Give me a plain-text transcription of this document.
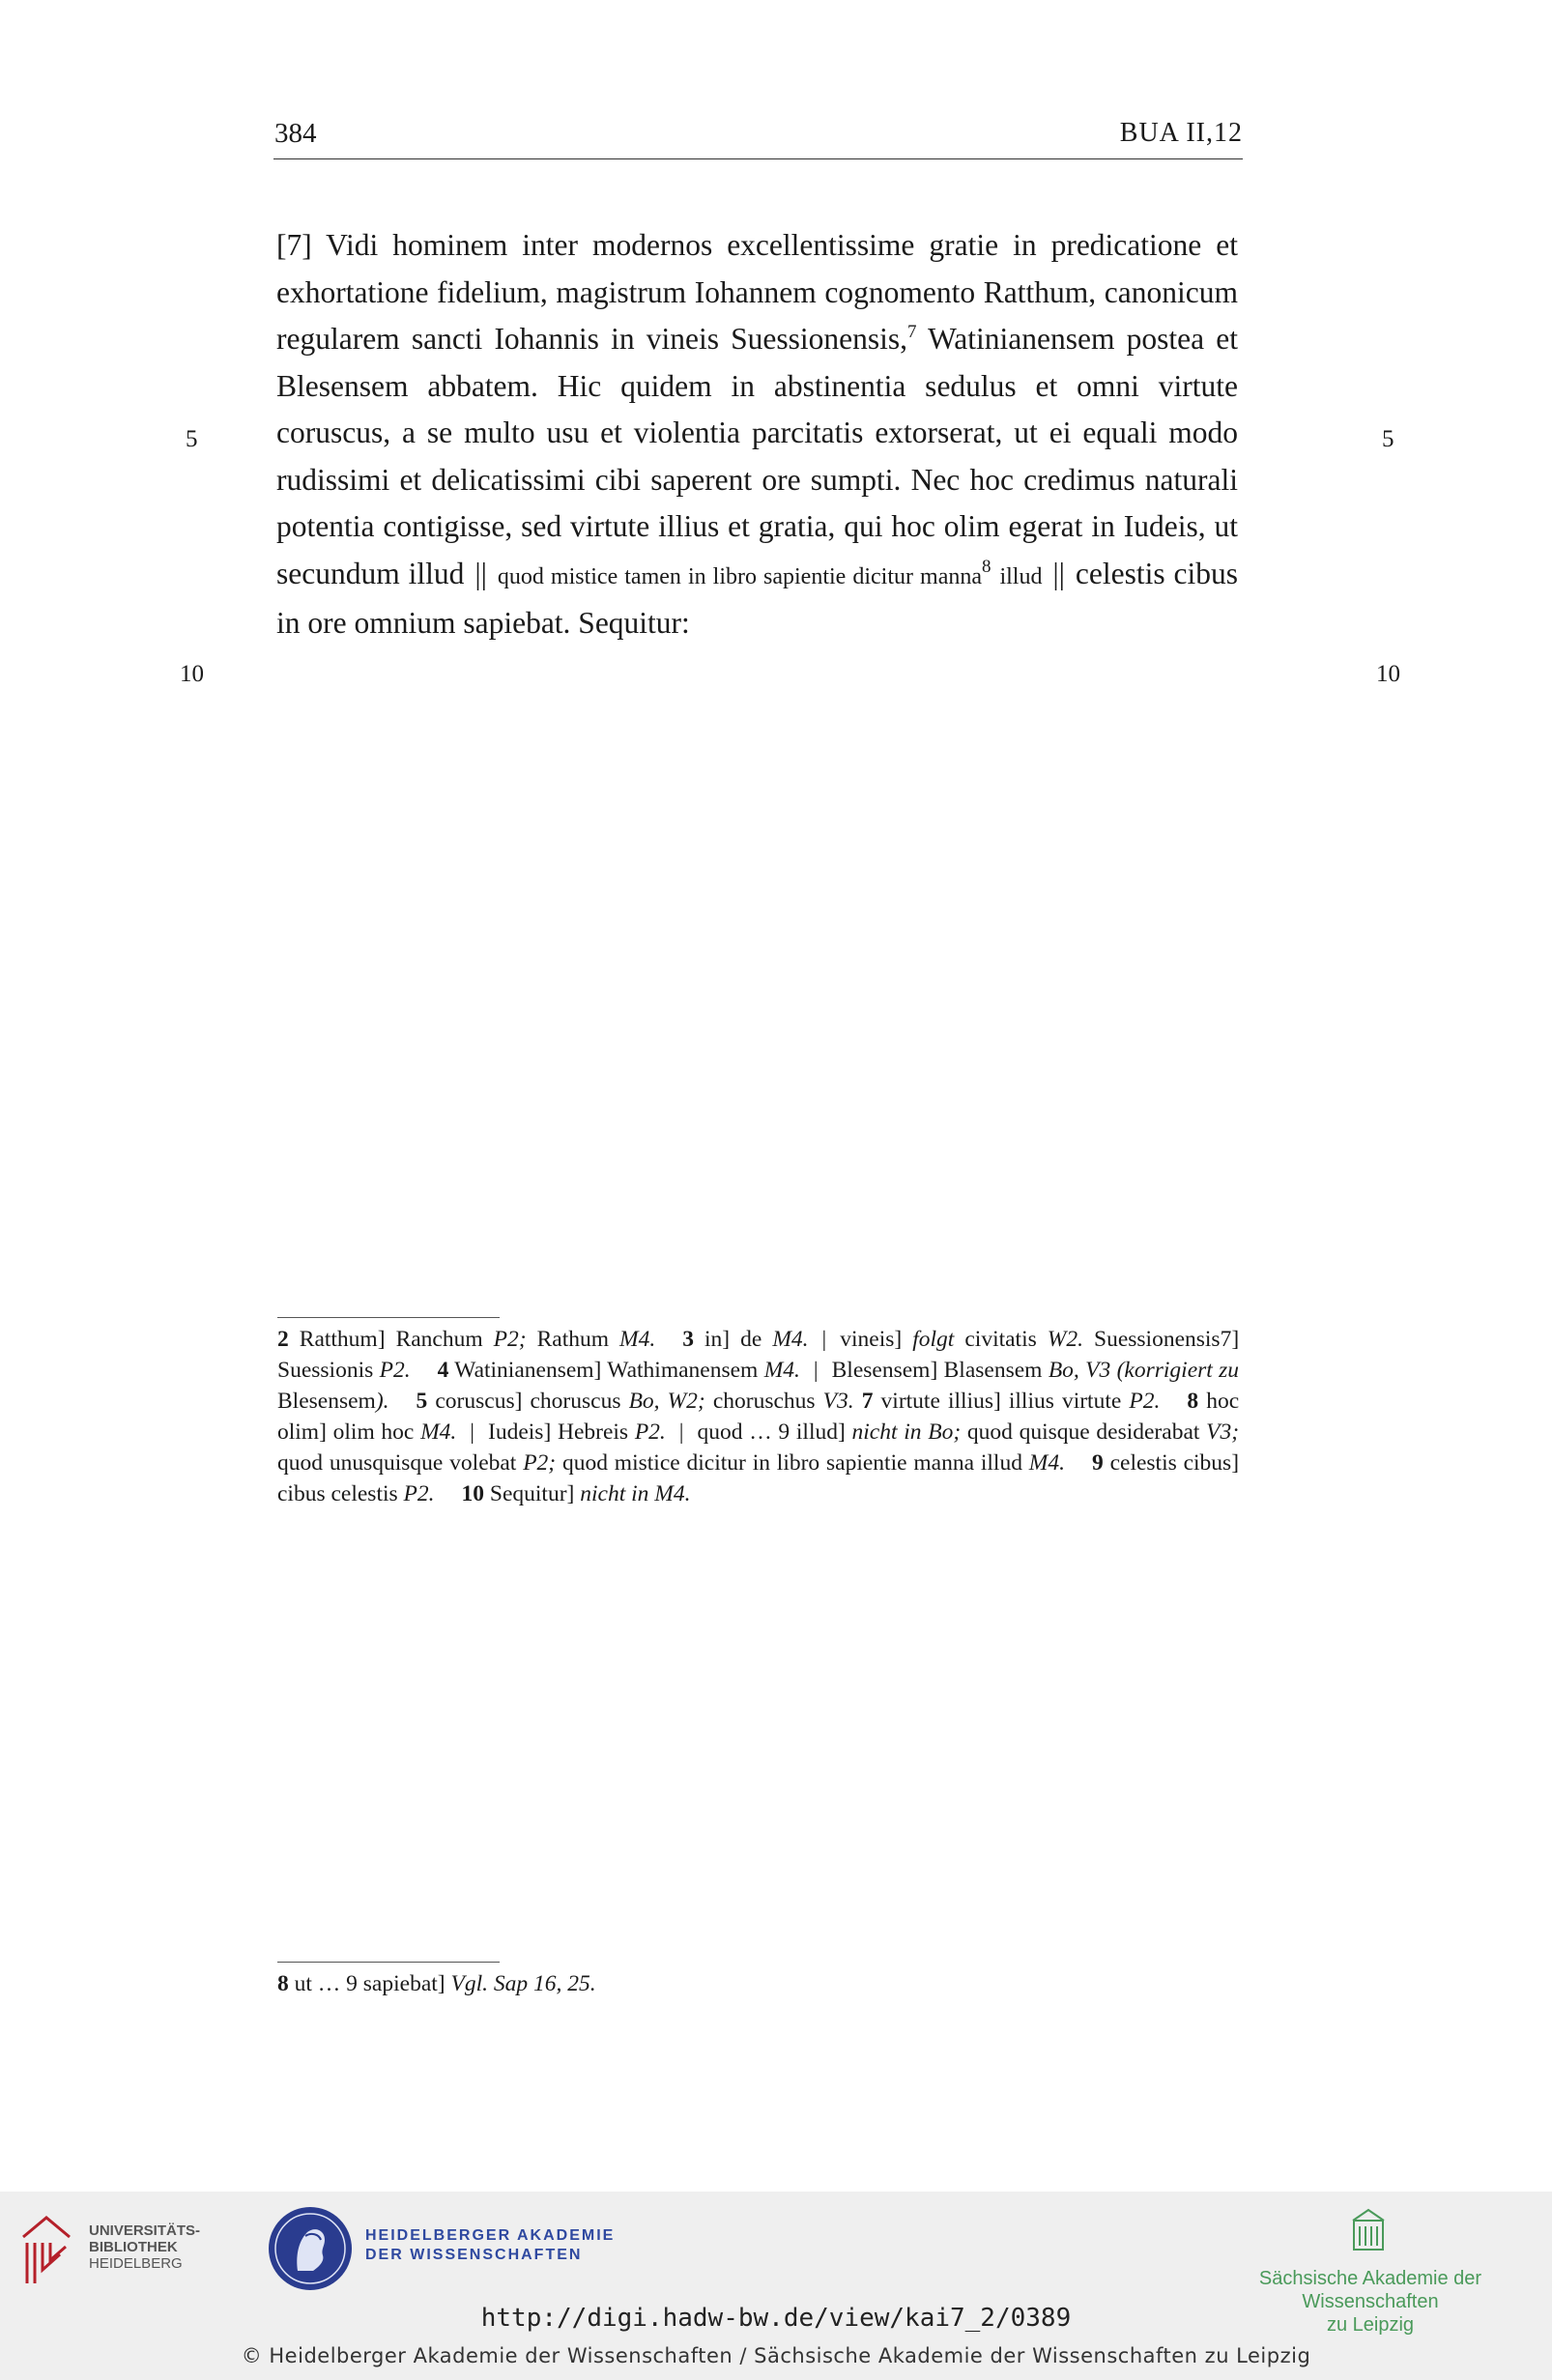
384	BUA II,12
5
10
5
10
[7] Vidi hominem inter modernos excellentissime gratie in predicatione et exhortatione fidelium, magistrum Iohannem cognomento Ratthum, canonicum regularem sancti Iohannis in vineis Suessionensis,$^7$ Watinianensem postea et Blesensem abbatem. Hic quidem in abstinentia sedulus et omni virtute coruscus, a se multo usu et violentia parcitatis extorserat, ut ei equali modo rudissimi et delicatissimi cibi saperent ore sumpti. Nec hoc credimus naturali potentia contigisse, sed virtute illius et gratia, qui hoc olim egerat in Iudeis, ut secundum illud || quod mistice tamen in libro sapientie dicitur manna$^8$ illud || celestis cibus in ore omnium sapiebat. Sequitur:
2 Ratthum] Ranchum P2; Rathum M4. 3 in] de M4. | vineis] folgt civitatis W2. Suessionensis7] Suessionis P2. 4 Watinianensem] Wathimanensem M4. | Blesensem] Blasensem Bo, V3 (korrigiert zu Blesensem). 5 coruscus] choruscus Bo, W2; choruschus V3. 7 virtute illius] illius virtute P2. 8 hoc olim] olim hoc M4. | Iudeis] Hebreis P2. | quod … 9 illud] nicht in Bo; quod quisque desiderabat V3; quod unusquisque volebat P2; quod mistice dicitur in libro sapientie manna illud M4. 9 celestis cibus] cibus celestis P2. 10 Sequitur] nicht in M4.
8 ut … 9 sapiebat] Vgl. Sap 16, 25.
UNIVERSITÄTS-
BIBLIOTHEK
HEIDELBERG
HEIDELBERGER AKADEMIE
DER WISSENSCHAFTEN
Sächsische Akademie der Wissenschaften
zu Leipzig
http://digi.hadw-bw.de/view/kai7_2/0389
© Heidelberger Akademie der Wissenschaften / Sächsische Akademie der Wissenschaften zu Leipzig
